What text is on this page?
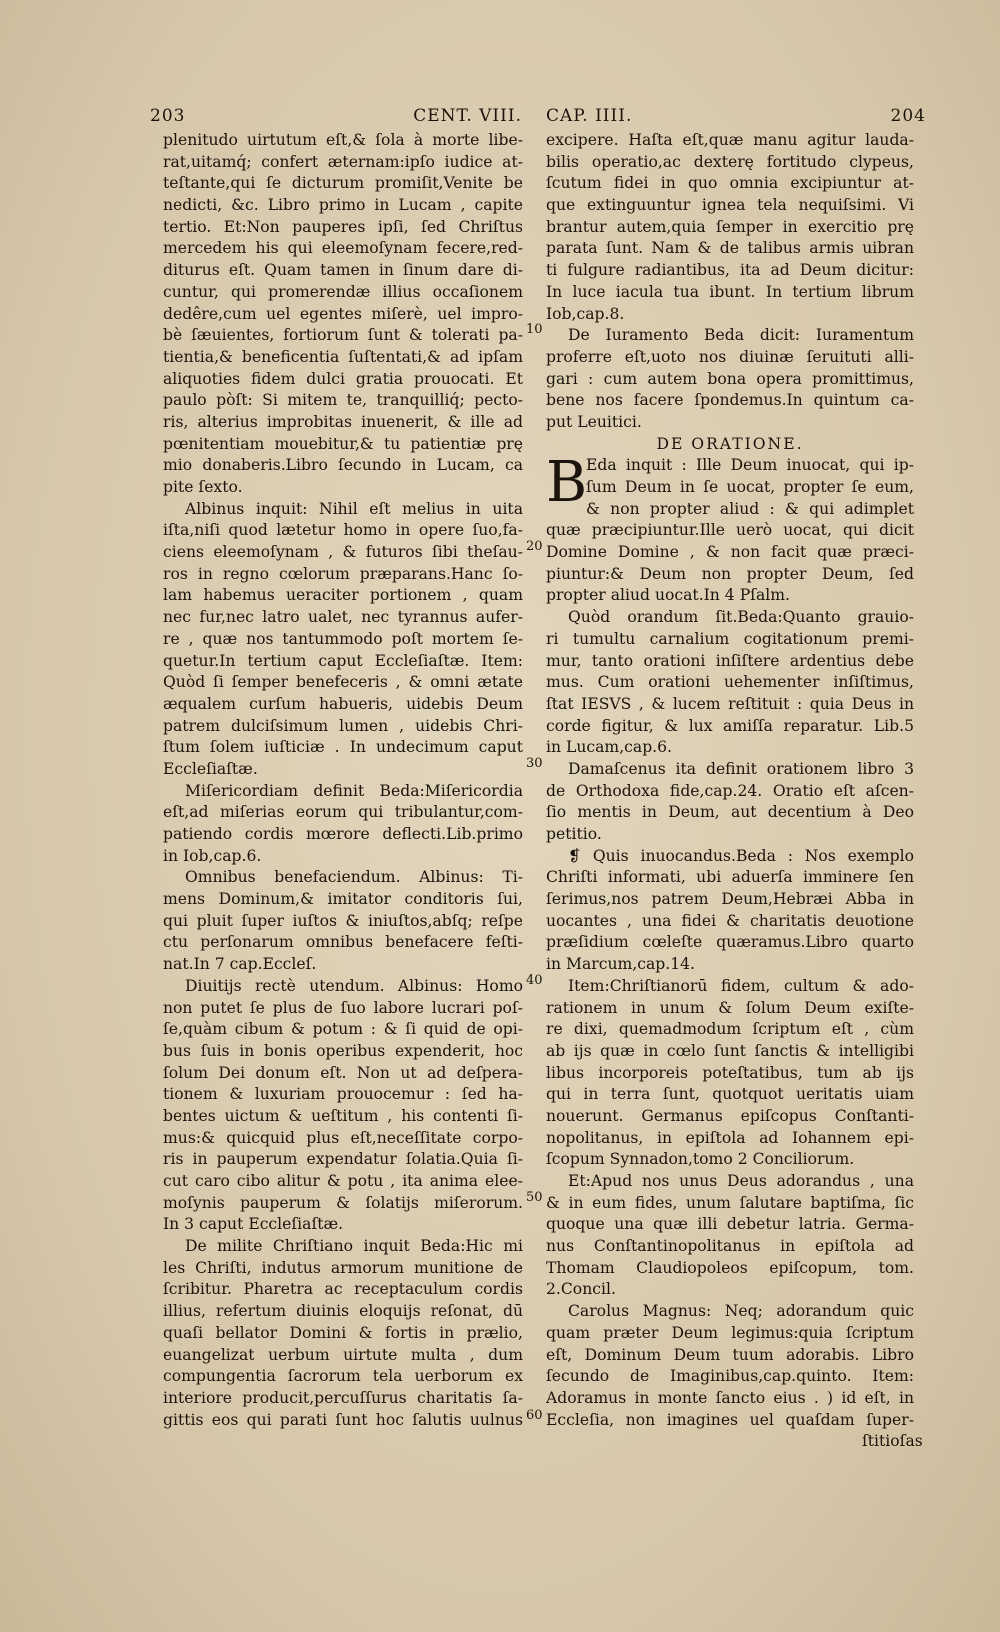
203	CENT. VIII. CAP. IIII.	204
plenitudo uirtutum eſt,& ſola à morte libe-
rat,uitamq́; confert æternam:ipſo iudice at-
teſtante,qui ſe dicturum promiſit,Venite be
nedicti, &c. Libro primo in Lucam , capite
tertio. Et:Non pauperes ipſi, ſed Chriſtus
mercedem his qui eleemoſynam fecere,red-
diturus eſt. Quam tamen in ſinum dare di-
cuntur, qui promerendæ illius occaſionem
dedêre,cum uel egentes miſerè, uel impro-
bè ſæuientes, fortiorum ſunt & tolerati pa-
tientia,& beneficentia ſuſtentati,& ad ipſam
aliquoties fidem dulci gratia prouocati. Et
paulo pòſt: Si mitem te, tranquilliq́; pecto-
ris, alterius improbitas inuenerit, & ille ad
pœnitentiam mouebitur,& tu patientiæ prę
mio donaberis.Libro ſecundo in Lucam, ca
pite ſexto.
Albinus inquit: Nihil eſt melius in uita
iſta,niſi quod lætetur homo in opere ſuo,fa-
ciens eleemoſynam , & futuros ſibi theſau-
ros in regno cœlorum præparans.Hanc ſo-
lam habemus ueraciter portionem , quam
nec fur,nec latro ualet, nec tyrannus aufer-
re , quæ nos tantummodo poſt mortem ſe-
quetur.In tertium caput Eccleſiaſtæ. Item:
Quòd ſi ſemper benefeceris , & omni ætate
æqualem curſum habueris, uidebis Deum
patrem dulciſsimum lumen , uidebis Chri-
ſtum ſolem iuſticiæ . In undecimum caput
Eccleſiaſtæ.
Miſericordiam definit Beda:Miſericordia
eſt,ad miſerias eorum qui tribulantur,com-
patiendo cordis mœrore deflecti.Lib.primo
in Iob,cap.6.
Omnibus benefaciendum. Albinus: Ti-
mens Dominum,& imitator conditoris ſui,
qui pluit ſuper iuſtos & iniuſtos,abſq; reſpe
ctu perſonarum omnibus benefacere feſti-
nat.In 7 cap.Eccleſ.
Diuitijs rectè utendum. Albinus: Homo
non putet ſe plus de ſuo labore lucrari poſ-
ſe,quàm cibum & potum : & ſi quid de opi-
bus ſuis in bonis operibus expenderit, hoc
ſolum Dei donum eſt. Non ut ad deſpera-
tionem & luxuriam prouocemur : ſed ha-
bentes uictum & ueſtitum , his contenti ſi-
mus:& quicquid plus eſt,neceſſitate corpo-
ris in pauperum expendatur ſolatia.Quia ſi-
cut caro cibo alitur & potu , ita anima elee-
moſynis pauperum & ſolatijs miſerorum.
In 3 caput Eccleſiaſtæ.
De milite Chriſtiano inquit Beda:Hic mi
les Chriſti, indutus armorum munitione de
ſcribitur. Pharetra ac receptaculum cordis
illius, refertum diuinis eloquijs reſonat, dū
quaſi bellator Domini & fortis in prælio,
euangelizat uerbum uirtute multa , dum
compungentia ſacrorum tela uerborum ex
interiore producit,percuſſurus charitatis ſa-
gittis eos qui parati ſunt hoc ſalutis uulnus
excipere. Haſta eſt,quæ manu agitur lauda-
bilis operatio,ac dexterę fortitudo clypeus,
ſcutum fidei in quo omnia excipiuntur at-
que extinguuntur ignea tela nequiſsimi. Vi
brantur autem,quia ſemper in exercitio prę
parata ſunt. Nam & de talibus armis uibran
ti fulgure radiantibus, ita ad Deum dicitur:
In luce iacula tua ibunt. In tertium librum
Iob,cap.8.
De Iuramento Beda dicit: Iuramentum
proferre eſt,uoto nos diuinæ ſeruituti alli-
gari : cum autem bona opera promittimus,
bene nos facere ſpondemus.In quintum ca-
put Leuitici.
DE ORATIONE.
Eda inquit : Ille Deum inuocat, qui ip-
ſum Deum in ſe uocat, propter ſe eum,
& non propter aliud : & qui adimplet
quæ præcipiuntur.Ille uerò uocat, qui dicit
Domine Domine , & non facit quæ præci-
piuntur:& Deum non propter Deum, ſed
propter aliud uocat.In 4 Pſalm.
Quòd orandum ſit.Beda:Quanto grauio-
ri tumultu carnalium cogitationum premi-
mur, tanto orationi inſiſtere ardentius debe
mus. Cum orationi uehementer inſiſtimus,
ſtat IESVS , & lucem reſtituit : quia Deus in
corde figitur, & lux amiſſa reparatur. Lib.5
in Lucam,cap.6.
Damaſcenus ita definit orationem libro 3
de Orthodoxa fide,cap.24. Oratio eſt aſcen-
ſio mentis in Deum, aut decentium à Deo
petitio.
❡ Quis inuocandus.Beda : Nos exemplo
Chriſti informati, ubi aduerſa imminere ſen
ſerimus,nos patrem Deum,Hebræi Abba in
uocantes , una fidei & charitatis deuotione
præſidium cœleſte quæramus.Libro quarto
in Marcum,cap.14.
Item:Chriſtianorū fidem, cultum & ado-
rationem in unum & ſolum Deum exiſte-
re dixi, quemadmodum ſcriptum eſt , cùm
ab ijs quæ in cœlo ſunt ſanctis & intelligibi
libus incorporeis poteſtatibus, tum ab ijs
qui in terra ſunt, quotquot ueritatis uiam
nouerunt. Germanus epiſcopus Conſtanti-
nopolitanus, in epiſtola ad Iohannem epi-
ſcopum Synnadon,tomo 2 Conciliorum.
Et:Apud nos unus Deus adorandus , una
& in eum fides, unum ſalutare baptiſma, ſic
quoque una quæ illi debetur latria. Germa-
nus Conſtantinopolitanus in epiſtola ad
Thomam Claudiopoleos epiſcopum, tom.
2.Concil.
Carolus Magnus: Neq; adorandum quic
quam præter Deum legimus:quia ſcriptum
eſt, Dominum Deum tuum adorabis. Libro
ſecundo de Imaginibus,cap.quinto. Item:
Adoramus in monte ſancto eius . ) id eſt, in
Eccleſia, non imagines uel quaſdam ſuper-
B
10
20
30
40
50
60
ſtitioſas
